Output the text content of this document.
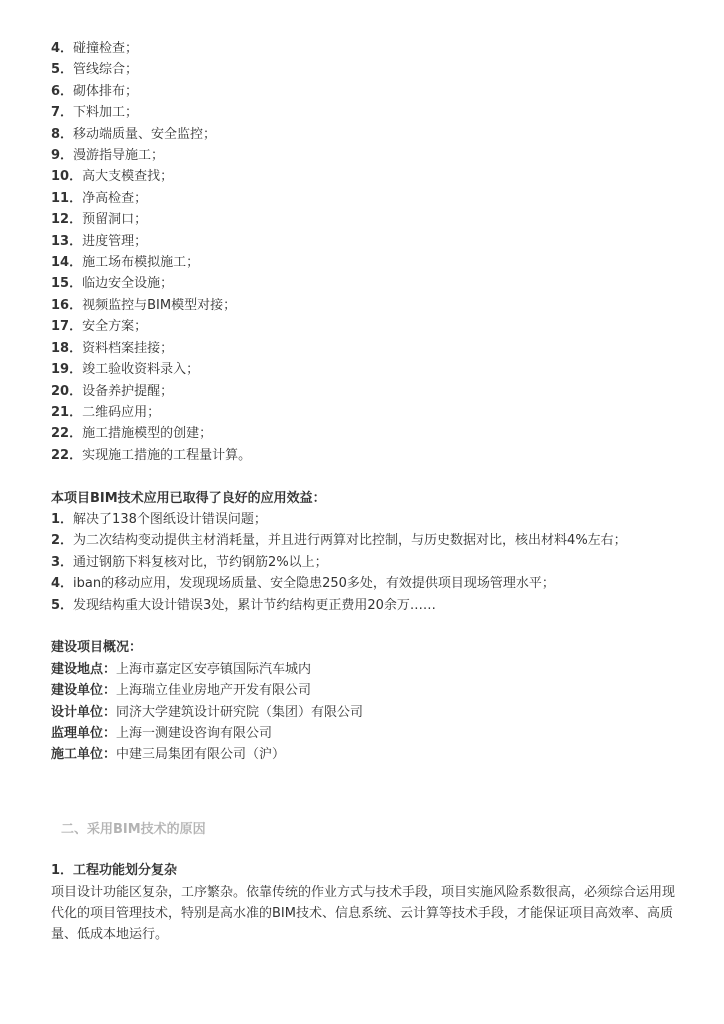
4．碰撞检查；
5．管线综合；
6．砌体排布；
7．下料加工；
8．移动端质量、安全监控；
9．漫游指导施工；
10．高大支模查找；
11．净高检查；
12．预留洞口；
13．进度管理；
14．施工场布模拟施工；
15．临边安全设施；
16．视频监控与BIM模型对接；
17．安全方案；
18．资料档案挂接；
19．竣工验收资料录入；
20．设备养护提醒；
21．二维码应用；
22．施工措施模型的创建；
22．实现施工措施的工程量计算。
本项目BIM技术应用已取得了良好的应用效益：
1．解决了138个图纸设计错误问题；
2．为二次结构变动提供主材消耗量，并且进行两算对比控制，与历史数据对比，核出材料4%左右；
3．通过钢筋下料复核对比，节约钢筋2%以上；
4．iban的移动应用，发现现场质量、安全隐患250多处，有效提供项目现场管理水平；
5．发现结构重大设计错误3处，累计节约结构更正费用20余万……
建设项目概况：
建设地点：上海市嘉定区安亭镇国际汽车城内
建设单位：上海瑞立佳业房地产开发有限公司
设计单位：同济大学建筑设计研究院（集团）有限公司
监理单位：上海一测建设咨询有限公司
施工单位：中建三局集团有限公司（沪）
二、采用BIM技术的原因
1．工程功能划分复杂
项目设计功能区复杂，工序繁杂。依靠传统的作业方式与技术手段，项目实施风险系数很高，必须综合运用现代化的项目管理技术，特别是高水准的BIM技术、信息系统、云计算等技术手段，才能保证项目高效率、高质量、低成本地运行。
